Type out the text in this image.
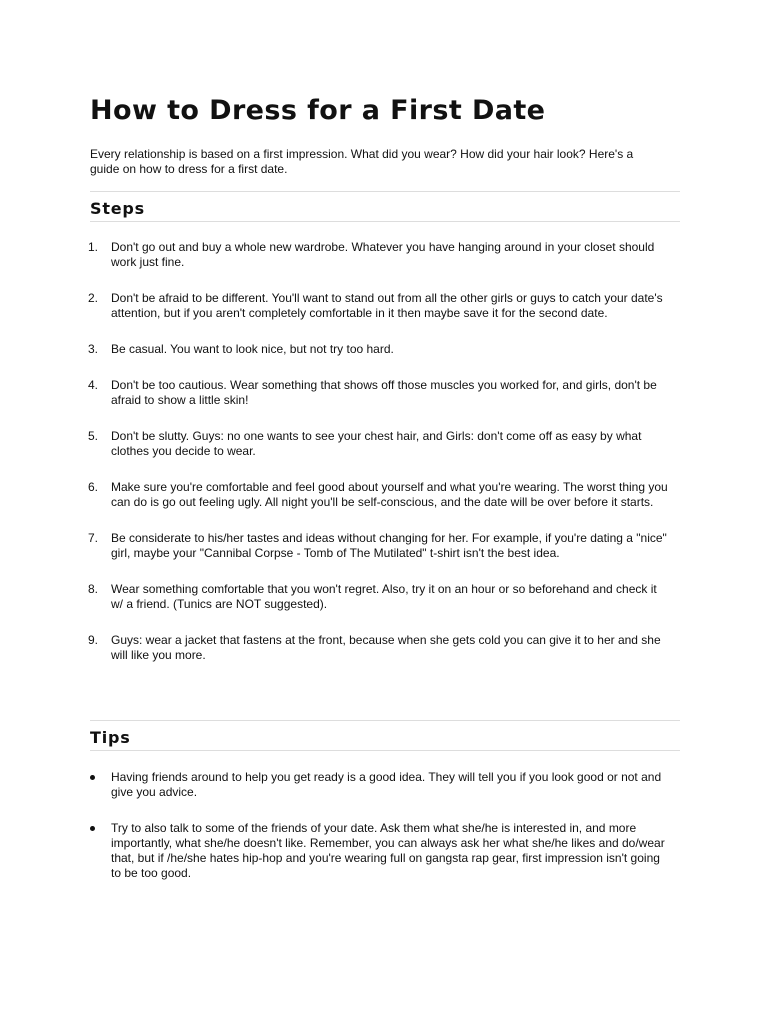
How to Dress for a First Date

Every relationship is based on a first impression. What did you wear? How did your hair look? Here's a guide on how to dress for a first date.

Steps
1.	Don't go out and buy a whole new wardrobe. Whatever you have hanging around in your closet should work just fine.
2.	Don't be afraid to be different. You'll want to stand out from all the other girls or guys to catch your date's attention, but if you aren't completely comfortable in it then maybe save it for the second date.
3.	Be casual. You want to look nice, but not try too hard.
4.	Don't be too cautious. Wear something that shows off those muscles you worked for, and girls, don't be afraid to show a little skin!
5.	Don't be slutty. Guys: no one wants to see your chest hair, and Girls: don't come off as easy by what clothes you decide to wear.
6.	Make sure you're comfortable and feel good about yourself and what you're wearing. The worst thing you can do is go out feeling ugly. All night you'll be self-conscious, and the date will be over before it starts.
7.	Be considerate to his/her tastes and ideas without changing for her. For example, if you're dating a "nice" girl, maybe your "Cannibal Corpse - Tomb of The Mutilated" t-shirt isn't the best idea.
8.	Wear something comfortable that you won't regret. Also, try it on an hour or so beforehand and check it w/ a friend. (Tunics are NOT suggested).
9.	Guys: wear a jacket that fastens at the front, because when she gets cold you can give it to her and she will like you more.
Tips
Having friends around to help you get ready is a good idea. They will tell you if you look good or not and give you advice.
Try to also talk to some of the friends of your date. Ask them what she/he is interested in, and more importantly, what she/he doesn't like. Remember, you can always ask her what she/he likes and do/wear that, but if /he/she hates hip-hop and you're wearing full on gangsta rap gear, first impression isn't going to be too good.
